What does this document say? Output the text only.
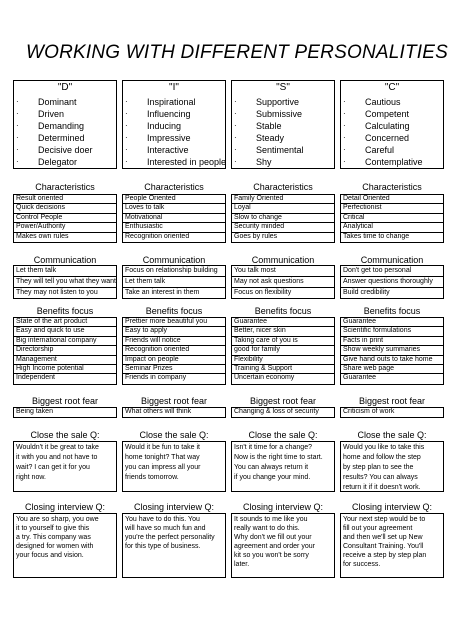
WORKING WITH DIFFERENT PERSONALITIES
"D"
· Dominant
· Driven
· Demanding
· Determined
· Decisive doer
· Delegator
Characteristics
Result oriented
Quick decisions
Control People
Power/Authority
Makes own rules
Communication
Let them talk
They will tell you what they want
They may not listen to you
Benefits focus
State of the art product
Easy and quick to use
Big international company
Directorship
Management
High Income potential
Independent
Biggest root fear
Being taken
Close the sale Q:
Wouldn't it be great to take
it with you and not have to
wait? I can get it for you
right now.
Closing interview Q:
You are so sharp, you owe
it to yourself to give this
a try. This company was
designed for women with
your focus and vision.
"I"
· Inspirational
· Influencing
· Inducing
· Impressive
· Interactive
· Interested in people
Characteristics
People Oriented
Loves to talk
Motivational
Enthusiastic
Recognition oriented
Communication
Focus on relationship building
Let them talk
Take an interest in them
Benefits focus
Prettier more beautiful you
Easy to apply
Friends will notice
Recognition oriented
Impact on people
Seminar Prizes
Friends in company
Biggest root fear
What others will think
Close the sale Q:
Would it be fun to take it
home tonight? That way
you can impress all your
friends tomorrow.
Closing interview Q:
You have to do this. You
will have so much fun and
you're the perfect personality
for this type of business.
"S"
· Supportive
· Submissive
· Stable
· Steady
· Sentimental
· Shy
Characteristics
Family Oriented
Loyal
Slow to change
Security minded
Goes by rules
Communication
You talk most
May not ask questions
Focus on flexibility
Benefits focus
Guarantee
Better, nicer skin
Taking care of you is
good for family
Flexibility
Training & Support
Uncertain economy
Biggest root fear
Changing & loss of security
Close the sale Q:
Isn't it time for a change?
Now is the right time to start.
You can always return it
if you change your mind.
Closing interview Q:
It sounds to me like you
really want to do this.
Why don't we fill out your
agreement and order your
kit so you won't be sorry
later.
"C"
· Cautious
· Competent
· Calculating
· Concerned
· Careful
· Contemplative
Characteristics
Detail Oriented
Perfectionist
Critical
Analytical
Takes time to change
Communication
Don't get too personal
Answer questions thoroughly
Build credibility
Benefits focus
Guarantee
Scientific formulations
Facts in print
Show weekly summaries
Give hand outs to take home
Share web page
Guarantee
Biggest root fear
Criticism of work
Close the sale Q:
Would you like to take this
home and follow the step
by step plan to see the
results? You can always
return it if it doesn't work.
Closing interview Q:
Your next step would be to
fill out your agreement
and then we'll set up New
Consultant Training. You'll
receive a step by step plan
for success.
